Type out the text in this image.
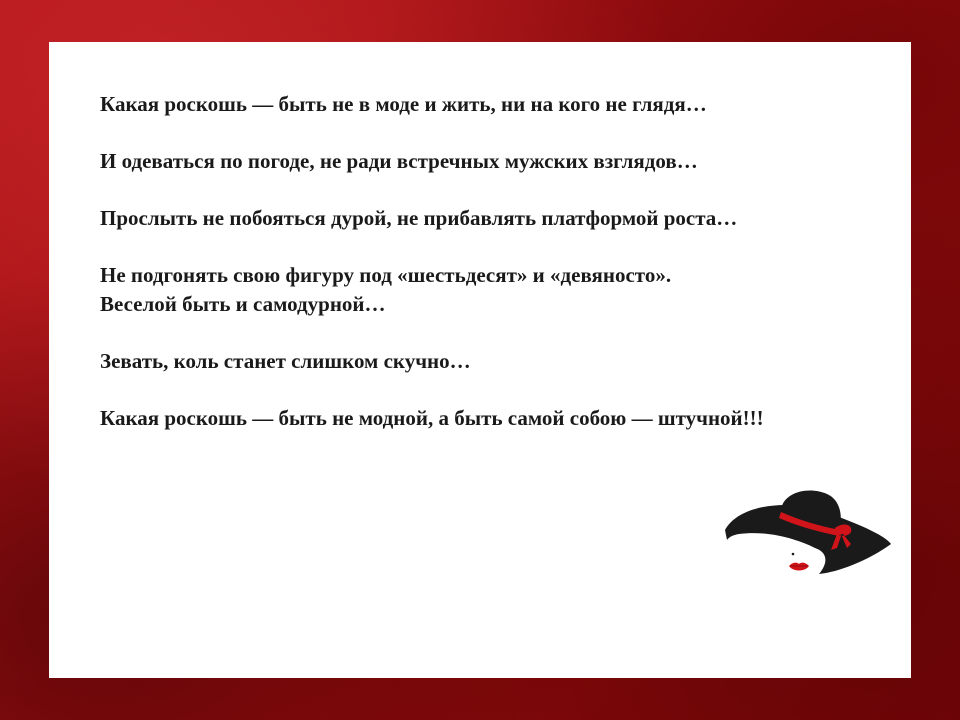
Какая роскошь — быть не в моде и жить, ни на кого не глядя…

И одеваться по погоде, не ради встречных мужских взглядов…

Прослыть не побояться дурой, не прибавлять платформой роста…

Не подгонять свою фигуру под «шестьдесят» и «девяносто».
Веселой быть и самодурной…

Зевать, коль станет слишком скучно…

Какая роскошь — быть не модной, а быть самой собою — штучной!!!
